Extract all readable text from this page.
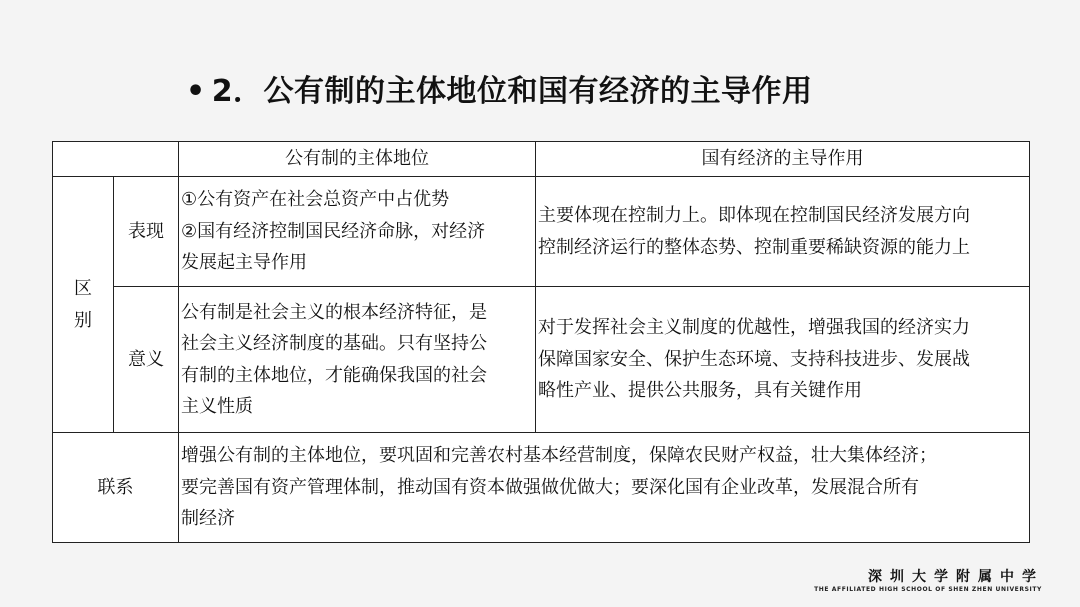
• 2．公有制的主体地位和国有经济的主导作用
		公有制的主体地位	国有经济的主导作用
区别	表现	①公有资产在社会总资产中占优势
②国有经济控制国民经济命脉，对经济
发展起主导作用	主要体现在控制力上。即体现在控制国民经济发展方向
控制经济运行的整体态势、控制重要稀缺资源的能力上

	意义	公有制是社会主义的根本经济特征，是
社会主义经济制度的基础。只有坚持公
有制的主体地位，才能确保我国的社会
主义性质	对于发挥社会主义制度的优越性，增强我国的经济实力
保障国家安全、保护生态环境、支持科技进步、发展战
略性产业、提供公共服务，具有关键作用

联系		增强公有制的主体地位，要巩固和完善农村基本经营制度，保障农民财产权益，壮大集体经济；
要完善国有资产管理体制，推动国有资本做强做优做大；要深化国有企业改革，发展混合所有
制经济	
深圳大学附属中学
THE AFFILIATED HIGH SCHOOL OF SHEN ZHEN UNIVERSITY
